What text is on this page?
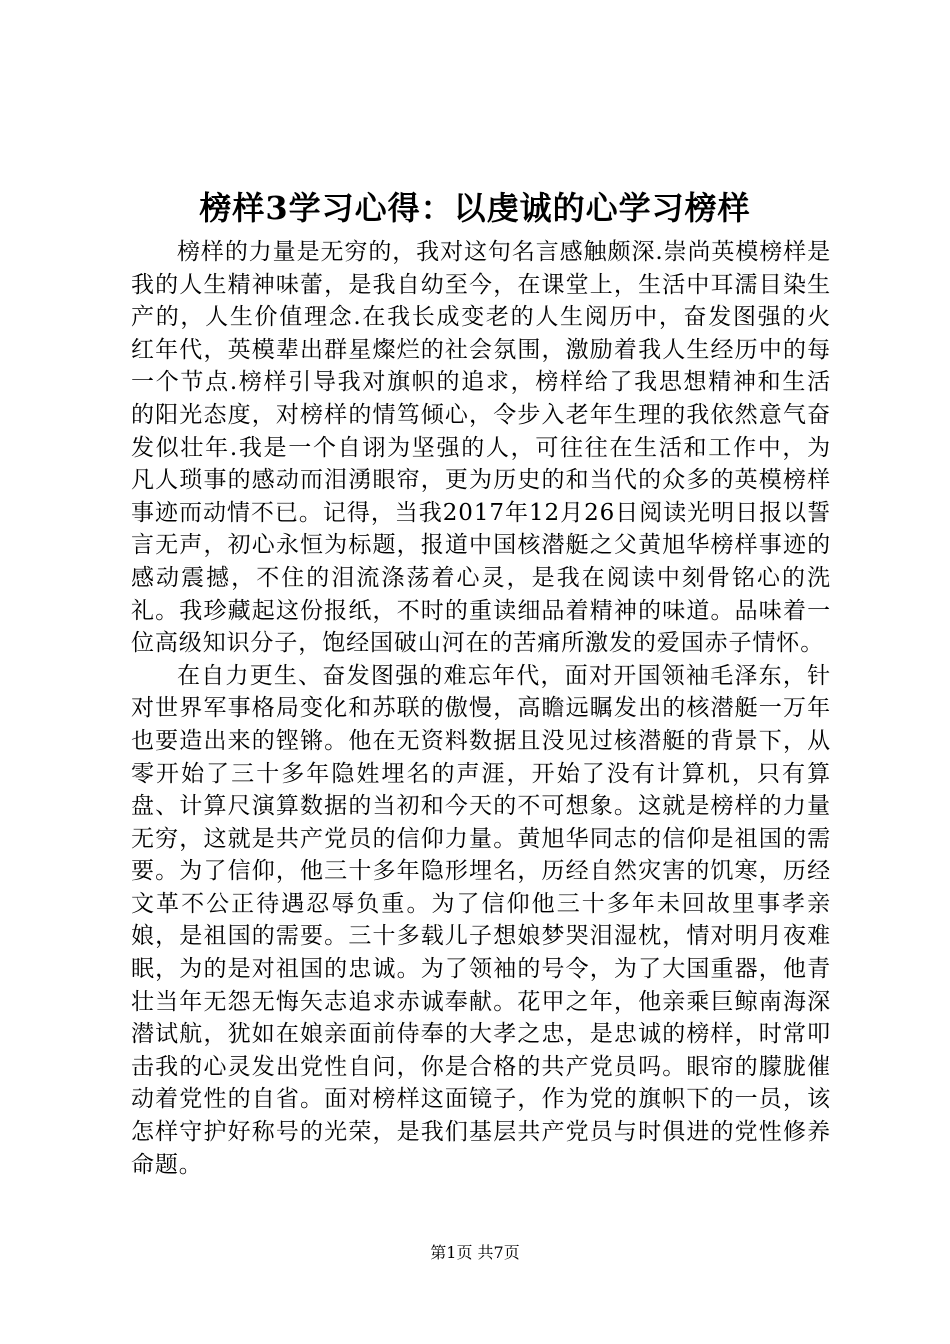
榜样3学习心得：以虔诚的心学习榜样

榜样的力量是无穷的，我对这句名言感触颇深.崇尚英模榜样是我的人生精神味蕾，是我自幼至今，在课堂上，生活中耳濡目染生产的，人生价值理念.在我长成变老的人生阅历中，奋发图强的火红年代，英模辈出群星燦烂的社会氛围，激励着我人生经历中的每一个节点.榜样引导我对旗帜的追求，榜样给了我思想精神和生活的阳光态度，对榜样的情笃倾心，令步入老年生理的我依然意气奋发似壮年.我是一个自诩为坚强的人，可往往在生活和工作中，为凡人琐事的感动而泪湧眼帘，更为历史的和当代的众多的英模榜样事迹而动情不已。记得，当我2017年12月26日阅读光明日报以誓言无声，初心永恒为标题，报道中国核潜艇之父黄旭华榜样事迹的感动震撼，不住的泪流涤荡着心灵，是我在阅读中刻骨铭心的洗礼。我珍藏起这份报纸，不时的重读细品着精神的味道。品味着一位高级知识分子，饱经国破山河在的苦痛所激发的爱国赤子情怀。

在自力更生、奋发图强的难忘年代，面对开国领袖毛泽东，针对世界军事格局变化和苏联的傲慢，高瞻远瞩发出的核潜艇一万年也要造出来的铿锵。他在无资料数据且没见过核潜艇的背景下，从零开始了三十多年隐姓埋名的声涯，开始了没有计算机，只有算盘、计算尺演算数据的当初和今天的不可想象。这就是榜样的力量无穷，这就是共产党员的信仰力量。黄旭华同志的信仰是祖国的需要。为了信仰，他三十多年隐形埋名，历经自然灾害的饥寒，历经文革不公正待遇忍辱负重。为了信仰他三十多年未回故里事孝亲娘，是祖国的需要。三十多载儿子想娘梦哭泪湿枕，情对明月夜难眠，为的是对祖国的忠诚。为了领袖的号令，为了大国重器，他青壮当年无怨无悔矢志追求赤诚奉献。花甲之年，他亲乘巨鲸南海深潜试航，犹如在娘亲面前侍奉的大孝之忠，是忠诚的榜样，时常叩击我的心灵发出党性自问，你是合格的共产党员吗。眼帘的朦胧催动着党性的自省。面对榜样这面镜子，作为党的旗帜下的一员，该怎样守护好称号的光荣，是我们基层共产党员与时俱进的党性修养命题。

第1页 共7页
